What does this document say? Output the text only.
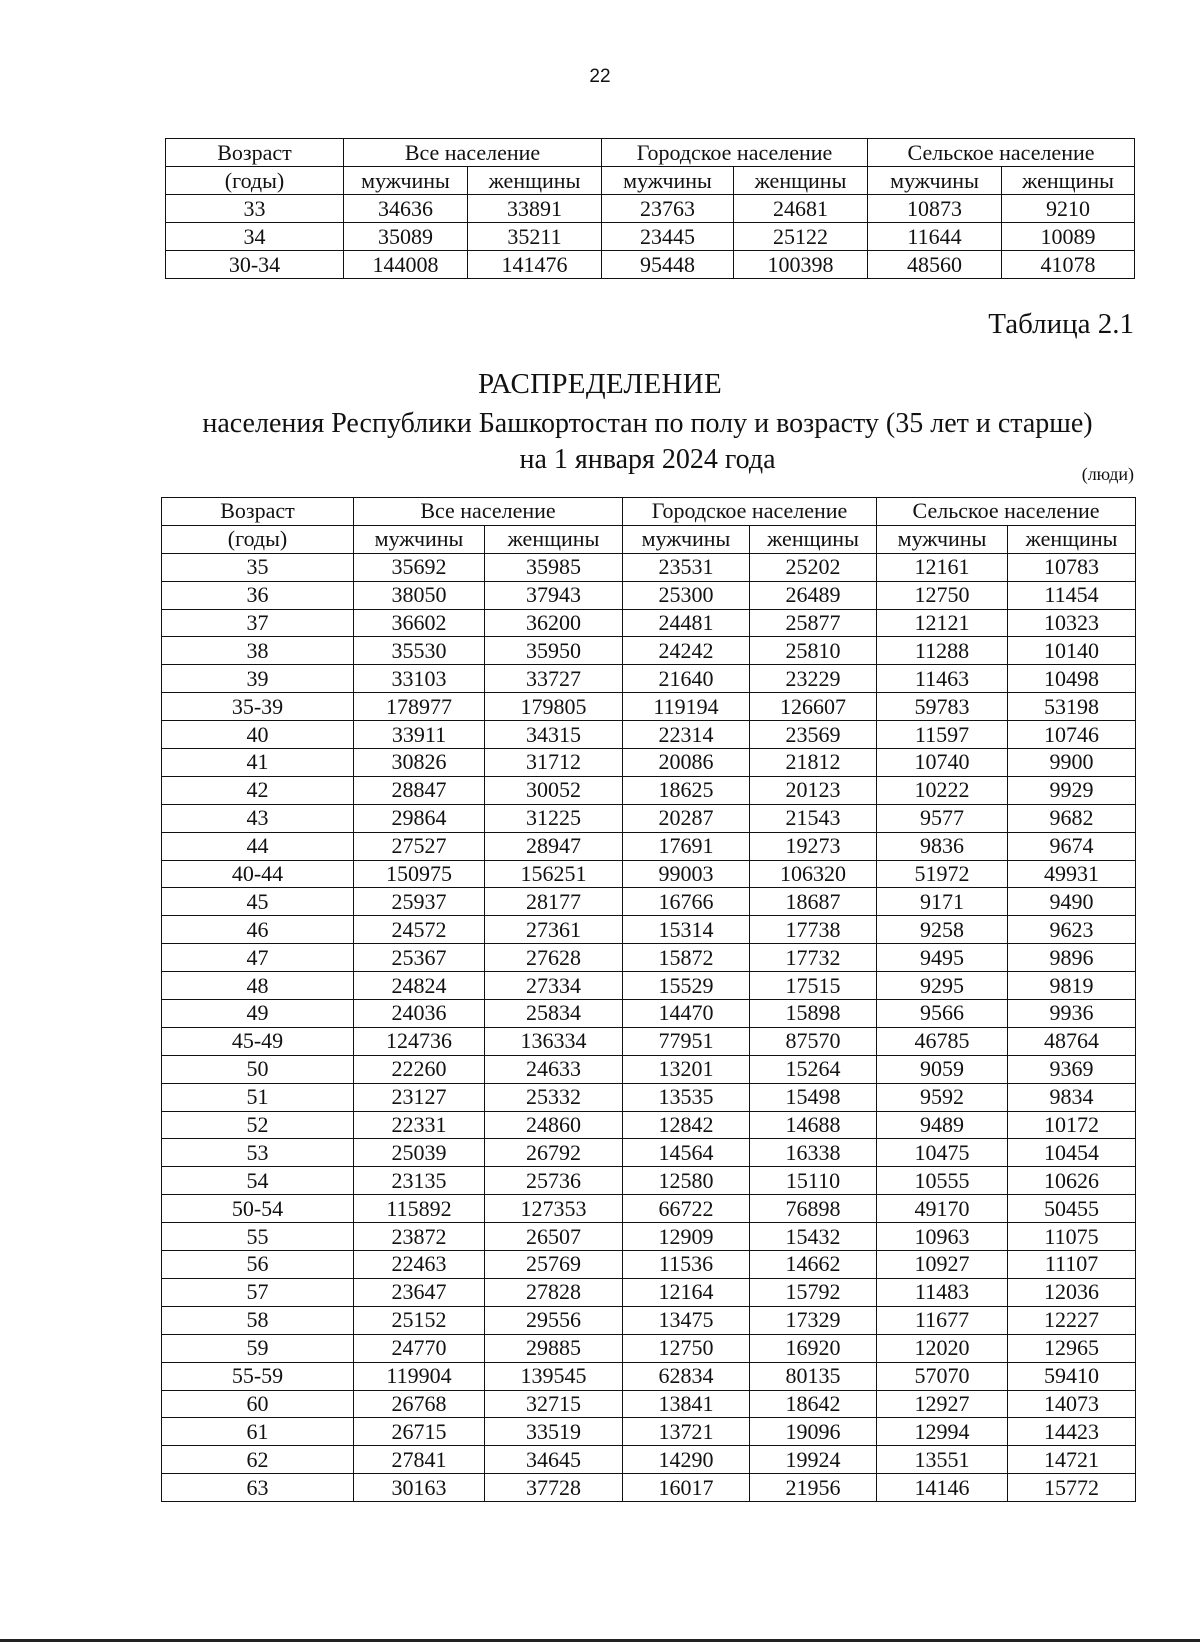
22
Возраст	Все население		Городское население		Сельское население	
(годы)	мужчины	женщины	мужчины	женщины	мужчины	женщины
33	34636	33891	23763	24681	10873	9210
34	35089	35211	23445	25122	11644	10089
30-34	144008	141476	95448	100398	48560	41078
Таблица 2.1
РАСПРЕДЕЛЕНИЕ
населения Республики Башкортостан по полу и возрасту (35 лет и старше)
на 1 января 2024 года	(люди)
Возраст	Все население		Городское население		Сельское население	
(годы)	мужчины	женщины	мужчины	женщины	мужчины	женщины
35	35692	35985	23531	25202	12161	10783
36	38050	37943	25300	26489	12750	11454
37	36602	36200	24481	25877	12121	10323
38	35530	35950	24242	25810	11288	10140
39	33103	33727	21640	23229	11463	10498
35-39	178977	179805	119194	126607	59783	53198
40	33911	34315	22314	23569	11597	10746
41	30826	31712	20086	21812	10740	9900
42	28847	30052	18625	20123	10222	9929
43	29864	31225	20287	21543	9577	9682
44	27527	28947	17691	19273	9836	9674
40-44	150975	156251	99003	106320	51972	49931
45	25937	28177	16766	18687	9171	9490
46	24572	27361	15314	17738	9258	9623
47	25367	27628	15872	17732	9495	9896
48	24824	27334	15529	17515	9295	9819
49	24036	25834	14470	15898	9566	9936
45-49	124736	136334	77951	87570	46785	48764
50	22260	24633	13201	15264	9059	9369
51	23127	25332	13535	15498	9592	9834
52	22331	24860	12842	14688	9489	10172
53	25039	26792	14564	16338	10475	10454
54	23135	25736	12580	15110	10555	10626
50-54	115892	127353	66722	76898	49170	50455
55	23872	26507	12909	15432	10963	11075
56	22463	25769	11536	14662	10927	11107
57	23647	27828	12164	15792	11483	12036
58	25152	29556	13475	17329	11677	12227
59	24770	29885	12750	16920	12020	12965
55-59	119904	139545	62834	80135	57070	59410
60	26768	32715	13841	18642	12927	14073
61	26715	33519	13721	19096	12994	14423
62	27841	34645	14290	19924	13551	14721
63	30163	37728	16017	21956	14146	15772
